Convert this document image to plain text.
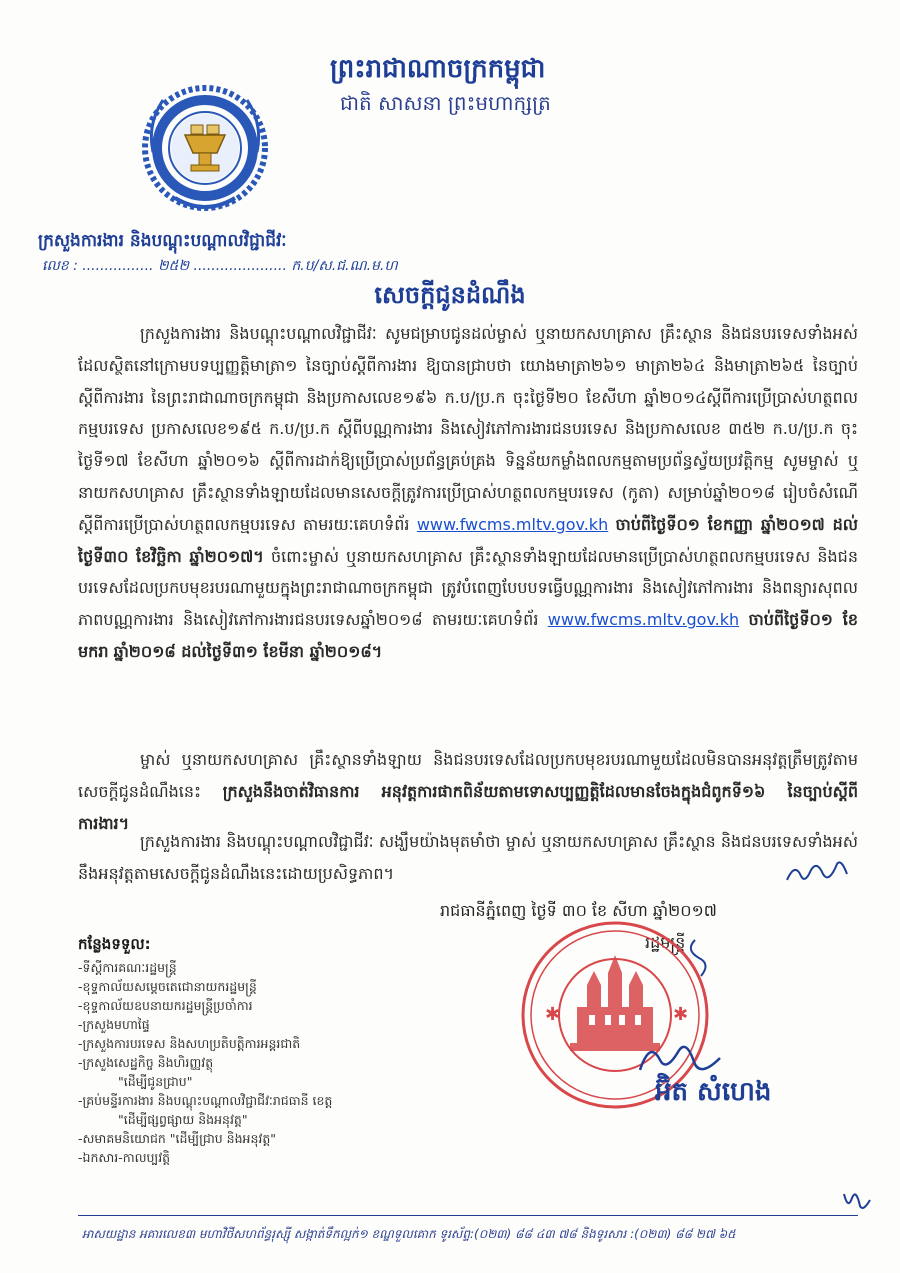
ព្រះរាជាណាចក្រកម្ពុជា
ជាតិ សាសនា ព្រះមហាក្សត្រ
ក្រសួងការងារ និងបណ្តុះបណ្តាលវិជ្ជាជីវៈ
លេខ : ................ ២៥២ ..................... ក.ប/ស.ជ.ណ.ម.ហ
សេចក្តីជូនដំណឹង
ក្រសួងការងារ និងបណ្តុះបណ្តាលវិជ្ជាជីវៈ សូមជម្រាបជូនដល់ម្ចាស់ ឬនាយកសហគ្រាស គ្រឹះស្ថាន និងជនបរទេសទាំងអស់ ដែលស្ថិតនៅក្រោមបទប្បញ្ញត្តិមាត្រា១ នៃច្បាប់ស្តីពីការងារ ឱ្យបានជ្រាបថា យោងមាត្រា២៦១ មាត្រា២៦៤ និងមាត្រា២៦៥ នៃច្បាប់ស្តីពីការងារ នៃព្រះរាជាណាចក្រកម្ពុជា និងប្រកាសលេខ១៩៦ ក.ប/ប្រ.ក ចុះថ្ងៃទី២០ ខែសីហា ឆ្នាំ២០១៤ស្តីពីការប្រើប្រាស់ហត្ថពលកម្មបរទេស ប្រកាសលេខ១៩៥ ក.ប/ប្រ.ក ស្តីពីបណ្ណការងារ និងសៀវភៅការងារជនបរទេស និងប្រកាសលេខ ៣៥២ ក.ប/ប្រ.ក ចុះថ្ងៃទី១៧ ខែសីហា ឆ្នាំ២០១៦ ស្តីពីការដាក់ឱ្យប្រើប្រាស់ប្រព័ន្ធគ្រប់គ្រង ទិន្នន័យកម្លាំងពលកម្មតាមប្រព័ន្ធស្វ័យប្រវត្តិកម្ម សូមម្ចាស់ ឬនាយកសហគ្រាស គ្រឹះស្ថានទាំងឡាយដែលមានសេចក្តីត្រូវការប្រើប្រាស់ហត្ថពលកម្មបរទេស (កូតា) សម្រាប់ឆ្នាំ២០១៨ រៀបចំសំណើស្តីពីការប្រើប្រាស់ហត្ថពលកម្មបរទេស តាមរយៈគេហទំព័រ www.fwcms.mltv.gov.kh ចាប់ពីថ្ងៃទី០១ ខែកញ្ញា ឆ្នាំ២០១៧ ដល់ថ្ងៃទី៣០ ខែវិច្ឆិកា ឆ្នាំ២០១៧។ ចំពោះម្ចាស់ ឬនាយកសហគ្រាស គ្រឹះស្ថានទាំងឡាយដែលមានប្រើប្រាស់ហត្ថពលកម្មបរទេស និងជនបរទេសដែលប្រកបមុខរបរណាមួយក្នុងព្រះរាជាណាចក្រកម្ពុជា ត្រូវបំពេញបែបបទធ្វើបណ្ណការងារ និងសៀវភៅការងារ និងពន្យារសុពលភាពបណ្ណការងារ និងសៀវភៅការងារជនបរទេសឆ្នាំ២០១៨ តាមរយៈគេហទំព័រ www.fwcms.mltv.gov.kh ចាប់ពីថ្ងៃទី០១ ខែមករា ឆ្នាំ២០១៨ ដល់ថ្ងៃទី៣១ ខែមីនា ឆ្នាំ២០១៨។
ម្ចាស់ ឬនាយកសហគ្រាស គ្រឹះស្ថានទាំងឡាយ និងជនបរទេសដែលប្រកបមុខរបរណាមួយដែលមិនបានអនុវត្តត្រឹមត្រូវតាមសេចក្តីជូនដំណឹងនេះ ក្រសួងនឹងចាត់វិធានការ អនុវត្តការផាកពិន័យតាមទោសប្បញ្ញត្តិដែលមានចែងក្នុងជំពូកទី១៦ នៃច្បាប់ស្តីពីការងារ។
ក្រសួងការងារ និងបណ្តុះបណ្តាលវិជ្ជាជីវៈ សង្ឃឹមយ៉ាងមុតមាំថា ម្ចាស់ ឬនាយកសហគ្រាស គ្រឹះស្ថាន និងជនបរទេសទាំងអស់នឹងអនុវត្តតាមសេចក្តីជូនដំណឹងនេះដោយប្រសិទ្ធភាព។
រាជធានីភ្នំពេញ ថ្ងៃទី ៣០ ខែ សីហា ឆ្នាំ២០១៧
រដ្ឋមន្ត្រី
✱	✱
អ៊ិត សំហេង
កន្លែងទទួល:
-ទីស្តីការគណៈរដ្ឋមន្ត្រី
-ខុទ្ទកាល័យសម្តេចតេជោនាយករដ្ឋមន្ត្រី
-ខុទ្ទកាល័យឧបនាយករដ្ឋមន្ត្រីប្រចាំការ
-ក្រសួងមហាផ្ទៃ
-ក្រសួងការបរទេស និងសហប្រតិបត្តិការអន្តរជាតិ
-ក្រសួងសេដ្ឋកិច្ច និងហិរញ្ញវត្ថុ
"ដើម្បីជូនជ្រាប"
-គ្រប់មន្ទីរការងារ និងបណ្តុះបណ្តាលវិជ្ជាជីវៈរាជធានី ខេត្ត
"ដើម្បីផ្សព្វផ្សាយ និងអនុវត្ត"
-សមាគមនិយោជក "ដើម្បីជ្រាប និងអនុវត្ត"
-ឯកសារ-កាលប្បវត្តិ
អាសយដ្ឋាន អគារលេខ៣ មហាវិថីសហព័ន្ធរុស្ស៊ី សង្កាត់ទឹកល្អក់១ ខណ្ឌទួលគោក ទូរស័ព្ទ:(០២៣) ៨៨ ៤៣ ៧៨ និងទូរសារ :(០២៣) ៨៨ ២៧ ៦៥
